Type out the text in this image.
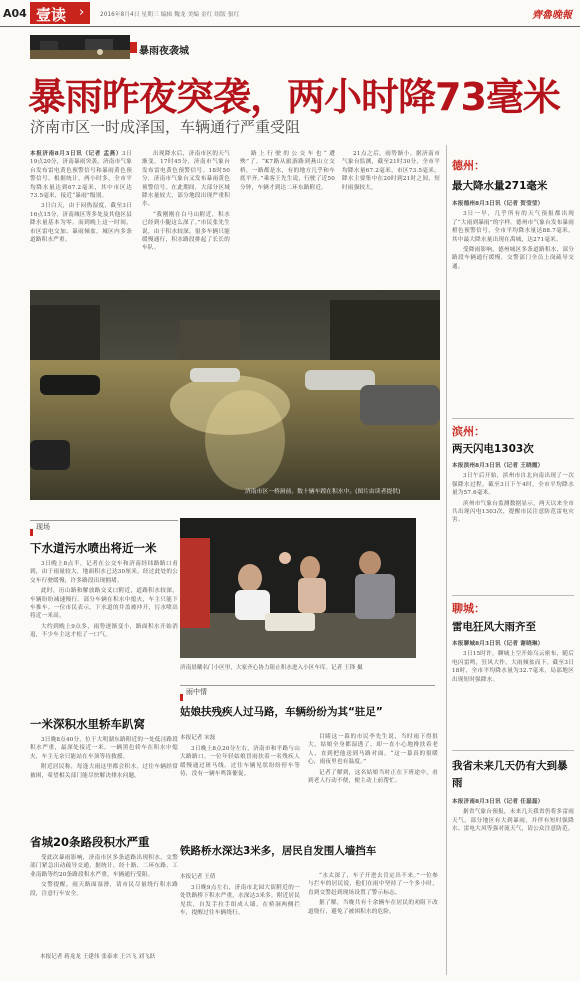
A04 壹读 ›	2016年8月4日 星期三 编辑 魏龙 美编 金红 组版 張红	齊魯晚報
暴雨夜袭城
暴雨昨夜突袭，两小时降73毫米
济南市区一时成泽国，车辆通行严重受阻

本报济南8月3日讯（记者 孟燕）3日19点20分，济南暴雨突袭，济南市气象台发布雷电黄色预警信号和暴雨黄色预警信号。根据统计，两小时多，全市平均降水量达到67.2毫米，其中市区达73.5毫米，接近“暴雨”级别。

3日白天，由于闷热湿度，截至3日16点15分，济南城区等多处及其他区县降水量基本为零。而到晚上这一时间，市区雷电交加、暴雨倾盆，城区内多条道路积水严重。

出现降水后，济南市区的天气渐变，17时45分，济南市气象台发布雷电黄色预警信号。18时50分，济南市气象台又发布暴雨黄色预警信号。在此期间，大部分区域降水量较大，部分地段出现严重积水。

“我刚刚在白马山附近，积水已经到小腿这么深了。”市民张先生说，由于积水较深，很多车辆只能缓慢通行，积水路段排起了长长的车队。

路上行驶的公交车也“遭殃”了。“K7路从旅游路到燕山立交桥，一路都是水，有的地方几乎和车底平齐。”乘客王先生说，行驶了近50分钟，车辆才到达二环东路附近。

21点之后，雨势渐小。据济南市气象台监测，截至21时30分，全市平均降水量67.2毫米，市区73.5毫米。降水主要集中在20时到21时之间，短时雨强较大。

济南市区一桥洞前，数十辆车蹚在积水中。(图片由读者提供)
现场
下水道污水喷出将近一米

3日晚上8点半，记者在公交车和济南经纬路路口看到，由于雨量较大，地面积水已达30厘米，经过此处的公交车行驶缓慢，许多路段出现拥堵。

此时，历山路和解放路交叉口附近，道路积水较深，车辆纷纷减速慢行。部分车辆在积水中熄火，车主只能下车推车。一位市民表示，下水道的井盖被冲开，污水喷出将近一米高。

大约到晚上9点多，雨势逐渐变小，路面积水开始消退，不少车主这才松了一口气。

一米深积水里轿车趴窝

3日晚8点40分，位于大明湖东路附近的一处低洼路段积水严重，最深处接近一米。一辆黑色轿车在积水中熄火，车主无奈只能站在车顶等待救援。

附近居民称，每逢大雨这里都会积水，过往车辆经常被困，希望相关部门能尽快解决排水问题。

省城20条路段积水严重

受此次暴雨影响，济南市区多条道路出现积水，交警部门紧急出动疏导交通。据统计，经十路、二环东路、工业南路等约20条路段积水严重，车辆通行受阻。

交警提醒，雨天路面湿滑，请市民尽量绕行积水路段，注意行车安全。

本报记者 蒋龙龙 王建伟 张泰来 王兴飞 刘飞跃
济南晨曦名门小区里，大家齐心协力阻止积水进入小区车库。记者 王锋 摄
雨中情
姑娘扶残疾人过马路，车辆纷纷为其“驻足”
本报记者 宋磊

3日晚上8点20分左右，济南市和平路与山大路路口，一位年轻姑娘冒雨扶着一名残疾人缓慢通过斑马线。过往车辆见状纷纷停车等待，没有一辆车鸣笛催促。

目睹这一幕的市民李先生说，当时雨下得很大，姑娘全身都湿透了，却一直小心地搀扶着老人，直到把他送到马路对面。“这一幕真的很暖心，雨夜里也有温度。”

记者了解到，这名姑娘当时正在下班途中，看到老人行动不便，便主动上前帮忙。

铁路桥水深达3米多，居民自发围人墙挡车
本报记者 王倩

3日晚9点左右，济南市北园大街附近的一处铁路桥下积水严重，水深达3米多。附近居民见状，自发手拉手组成人墙，在桥洞两侧拦车，提醒过往车辆绕行。

“水太深了，车子开进去肯定出不来。”一位参与拦车的居民说，他们在雨中坚持了一个多小时，直到交警赶到现场设置了警示标志。

据了解，当晚共有十余辆车在居民的劝阻下改道绕行，避免了被困积水的危险。

德州：
最大降水量271毫米

本报德州8月3日讯（记者 贺莹莹）

3日一早，几乎所有的天气预报都出现了“大雨到暴雨”的字样。德州市气象台发布暴雨橙色预警信号，全市平均降水量达88.7毫米，其中最大降水量出现在禹城，达271毫米。

受降雨影响，德州城区多条道路积水，部分路段车辆通行缓慢，交警部门全员上岗疏导交通。

滨州：
两天闪电1303次

本报滨州8月3日讯（记者 王晓霞）

3日午后开始，滨州市自北向南出现了一次强降水过程，截至3日下午4时，全市平均降水量为57.6毫米。

滨州市气象台监测数据显示，两天以来全市共出现闪电1303次，提醒市民注意防范雷电灾害。

聊城：
雷电狂风大雨齐至

本报聊城8月3日讯（记者 谢晓琳）

3日15时许，聊城上空开始乌云密布，随后电闪雷鸣，狂风大作，大雨倾盆而下。截至3日18时，全市平均降水量为32.7毫米，局部地区出现短时强降水。

我省未来几天仍有大到暴雨

本报济南8月3日讯（记者 任磊磊）

据省气象台预报，未来几天我省仍将多雷雨天气，部分地区有大到暴雨，并伴有短时强降水、雷电大风等强对流天气，请公众注意防范。
